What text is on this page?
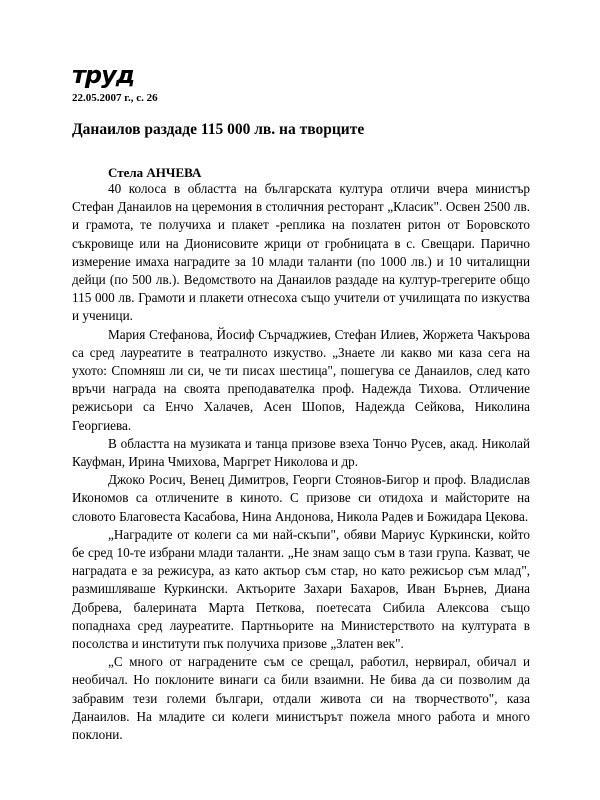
труд
22.05.2007 г., с. 26
Данаилов раздаде 115 000 лв. на творците
Стела АНЧЕВА

40 колоса в областта на българската култура отличи вчера министър Стефан Данаилов на церемония в столичния ресторант „Класик". Освен 2500 лв. и грамота, те получиха и плакет -реплика на позлатен ритон от Боровското съкровище или на Дионисовите жрици от гробницата в с. Свещари. Парично измерение имаха наградите за 10 млади таланти (по 1000 лв.) и 10 читалищни дейци (по 500 лв.). Ведомството на Данаилов раздаде на култур-трегерите общо 115 000 лв. Грамоти и плакети отнесоха също учители от училищата по изкуства и ученици.

Мария Стефанова, Йосиф Сърчаджиев, Стефан Илиев, Жоржета Чакърова са сред лауреатите в театралното изкуство. „Знаете ли какво ми каза сега на ухото: Спомняш ли си, че ти писах шестица", пошегува се Данаилов, след като връчи награда на своята преподавателка проф. Надежда Тихова. Отличение режисьори са Енчо Халачев, Асен Шопов, Надежда Сейкова, Николина Георгиева.

В областта на музиката и танца призове взеха Тончо Русев, акад. Николай Кауфман, Ирина Чмихова, Маргрет Николова и др.

Джоко Росич, Венец Димитров, Георги Стоянов-Бигор и проф. Владислав Икономов са отличените в киното. С призове си отидоха и майсторите на словото Благовеста Касабова, Нина Андонова, Никола Радев и Божидара Цекова.

„Наградите от колеги са ми най-скъпи", обяви Мариус Куркински, който бе сред 10-те избрани млади таланти. „Не знам защо съм в тази група. Казват, че наградата е за режисура, аз като актьор съм стар, но като режисьор съм млад", размишляваше Куркински. Актьорите Захари Бахаров, Иван Бърнев, Диана Добрева, балерината Марта Петкова, поетесата Сибила Алексова също попаднаха сред лауреатите. Партньорите на Министерството на културата в посолства и институти пък получиха призове „Златен век".

„С много от наградените съм се срещал, работил, нервирал, обичал и необичал. Но поклоните винаги са били взаимни. Не бива да си позволим да забравим тези големи българи, отдали живота си на творчеството", каза Данаилов. На младите си колеги министърът пожела много работа и много поклони.
